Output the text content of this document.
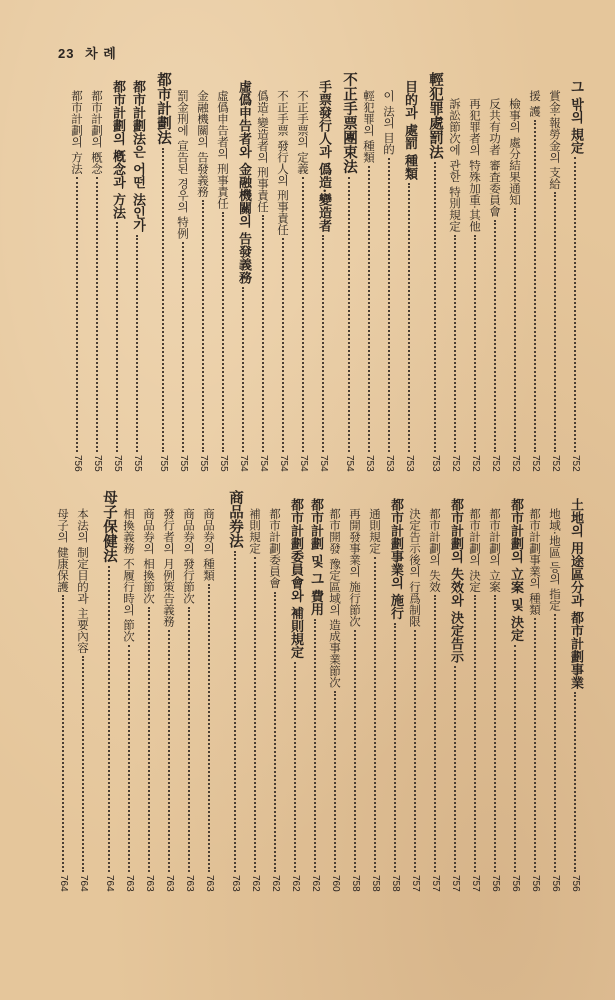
23 차 례
그 밖의 規定
752
賞金·報勞金의 支給
752
援 護
752
檢事의 處分結果通知
752
反共有功者 審査委員會
752
再犯罪者의 特殊加重·其他
752
訴訟節次에 관한 特別規定
752
輕犯罪處罰法
753
目的과 處罰 種類
753
이 法의 目的
753
輕犯罪의 種類
753
不正手票團束法
754
手票發行人과 僞造·變造者
754
不正手票의 定義
754
不正手票 發行人의 刑事責任
754
僞造·變造者의 刑事責任
754
虛僞申告者와 金融機關의 告發義務
754
虛僞申告者의 刑事責任
755
金融機關의 告發義務
755
罰金刑에 宣告된 경우의 特例
755
都市計劃法
755
都市計劃法은 어떤 法인가
755
都市計劃의 槪念과 方法
755
都市計劃의 槪念
755
都市計劃의 方法
756
土地의 用途區分과 都市計劃事業
756
地域·地區 등의 指定
756
都市計劃事業의 種類
756
都市計劃의 立案 및 決定
756
都市計劃의 立案
756
都市計劃의 決定
757
都市計劃의 失效와 決定告示
757
都市計劃의 失效
757
決定告示後의 行爲制限
757
都市計劃事業의 施行
758
通則規定
758
再開發事業의 施行節次
758
都市開發 豫定區域의 造成事業節次
760
都市計劃 및 그 費用
762
都市計劃委員會와 補則規定
762
都市計劃委員會
762
補則規定
762
商品券法
763
商品券의 種類
763
商品券의 發行節次
763
發行者의 月例策告義務
763
商品券의 相換節次
763
相換義務 不履行時의 節次
763
母子保健法
764
本法의 制定目的과 主要內容
764
母子의 健康保護
764
